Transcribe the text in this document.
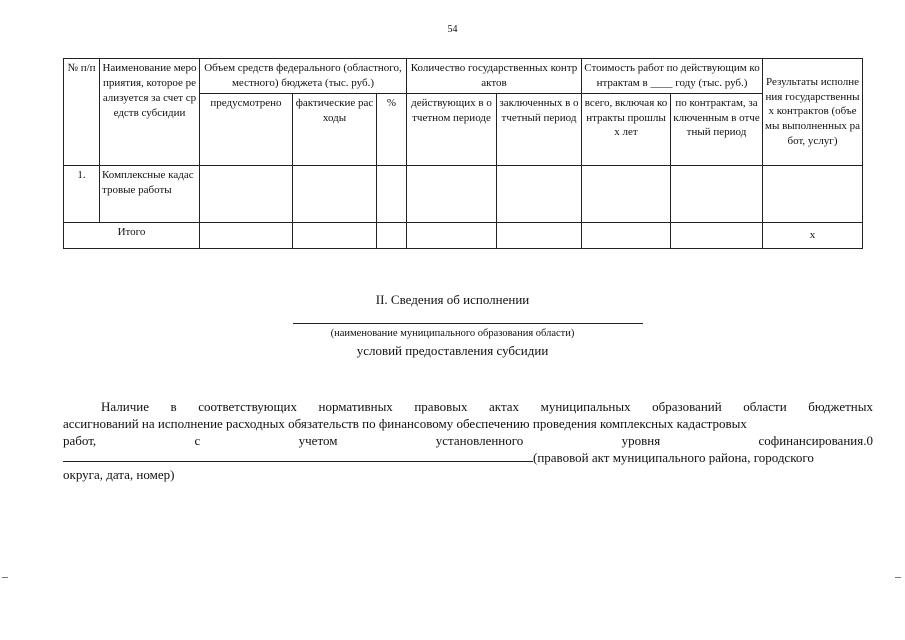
54
№ п/п	Наименование мероприятия, которое реализуется за счет средств субсидии	Объем средств федерального (областного, местного) бюджета (тыс. руб.)			Количество государственных контрактов		Стоимость работ по действующим контрактам в ____ году (тыс. руб.)		Результаты исполнения государственных контрактов (объемы выполненных работ, услуг)
		предусмотрено	фактические расходы	%	действующих в отчетном периоде	заключенных в отчетный период	всего, включая контракты прошлых лет	по контрактам, заключенным в отчетный период	
1.	Комплексные кадастровые работы								
Итого									х
II. Сведения об исполнении
(наименование муниципального образования области)
условий предоставления субсидии
Наличие в соответствующих нормативных правовых актах муниципальных образований области бюджетных
ассигнований на исполнение расходных обязательств по финансовому обеспечению проведения комплексных кадастровых
работ,	с	учетом	установленного	уровня	софинансирования.0
(правовой акт муниципального района, городского
округа, дата, номер)
